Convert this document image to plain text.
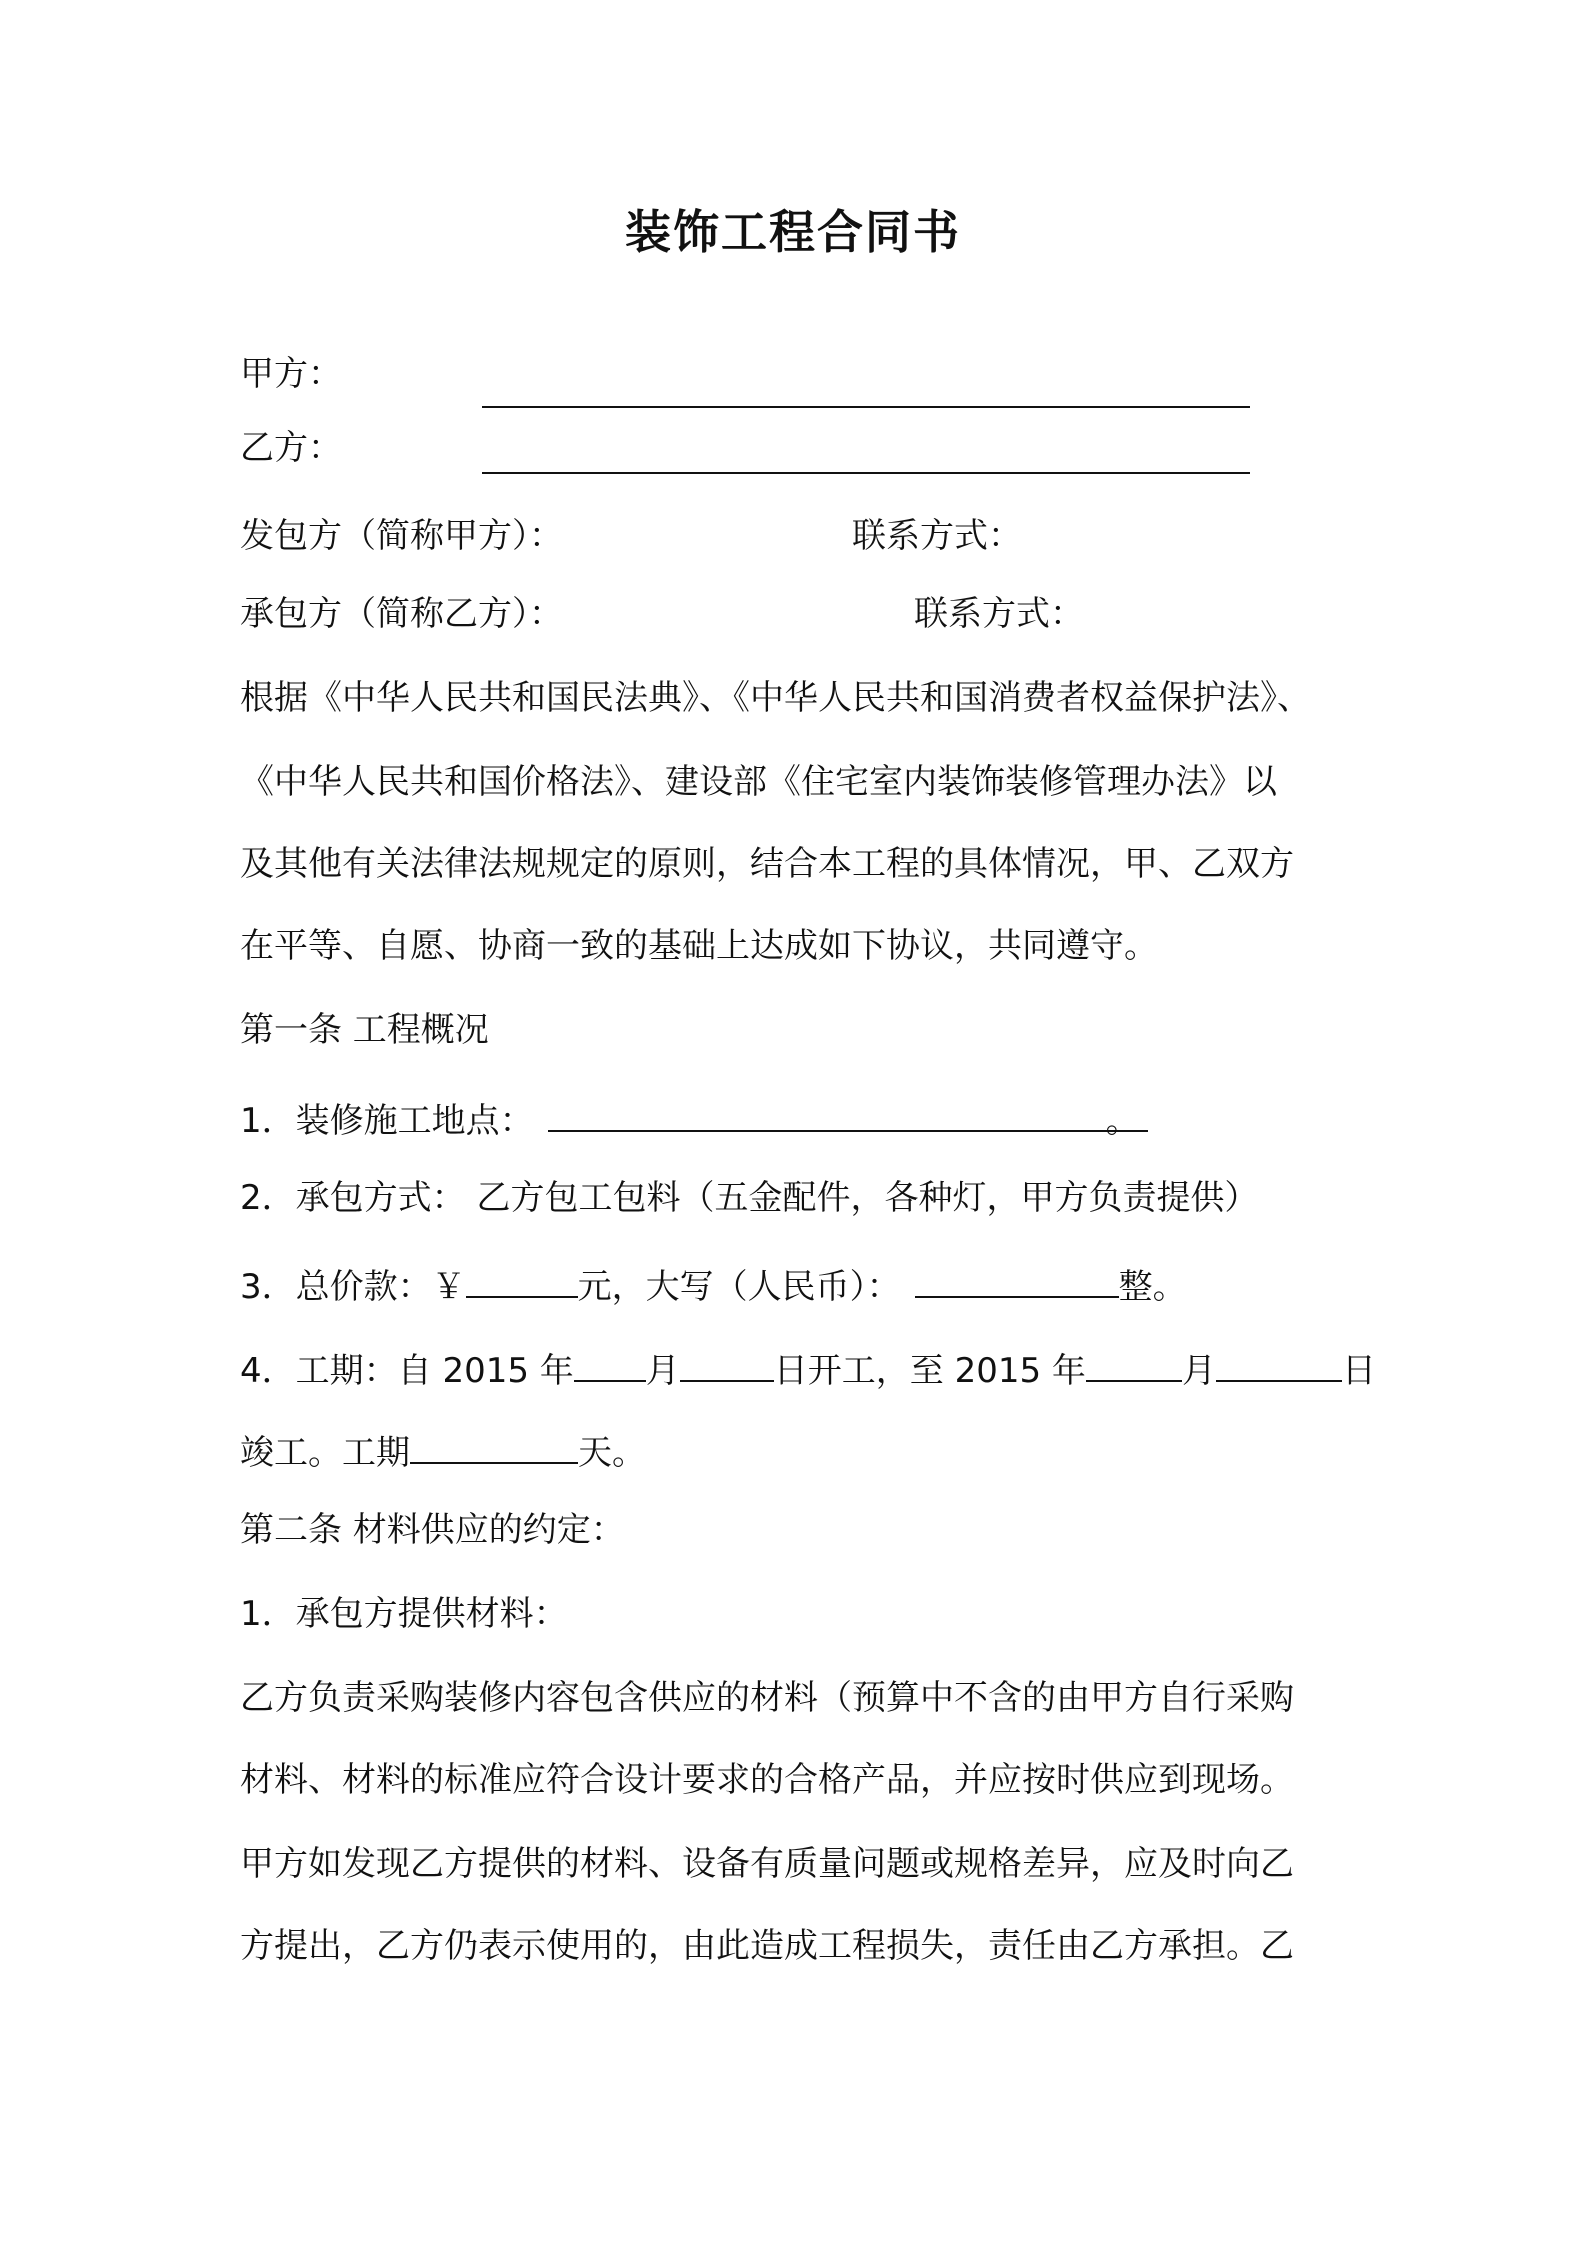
装饰工程合同书

甲方：

乙方：

发包方（简称甲方）：	联系方式：

承包方（简称乙方）：	联系方式：

根据《中华人民共和国民法典》、《中华人民共和国消费者权益保护法》、

《中华人民共和国价格法》、建设部《住宅室内装饰装修管理办法》以

及其他有关法律法规规定的原则，结合本工程的具体情况，甲、乙双方

在平等、自愿、协商一致的基础上达成如下协议，共同遵守。

第一条 工程概况

1．装修施工地点：	。

2．承包方式： 乙方包工包料（五金配件，各种灯，甲方负责提供）

3．总价款：￥	元，大写（人民币）：	整。

4．工期：自 2015 年 月	日开工，至 2015 年	月	日

竣工。工期	天。

第二条 材料供应的约定：

1．承包方提供材料：

乙方负责采购装修内容包含供应的材料（预算中不含的由甲方自行采购

材料、材料的标准应符合设计要求的合格产品，并应按时供应到现场。

甲方如发现乙方提供的材料、设备有质量问题或规格差异，应及时向乙

方提出，乙方仍表示使用的，由此造成工程损失，责任由乙方承担。乙
